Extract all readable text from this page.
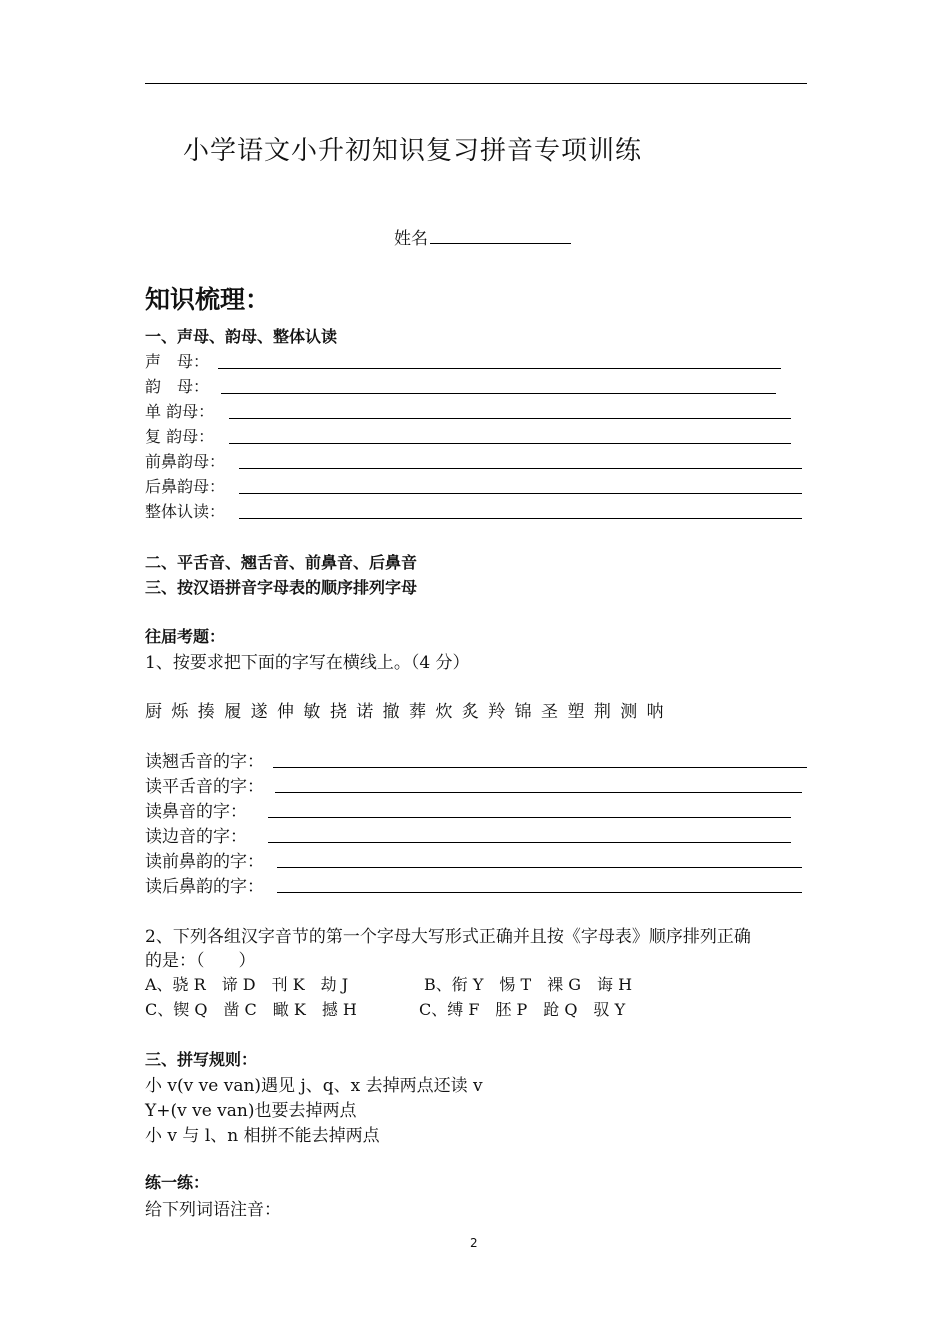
小学语文小升初知识复习拼音专项训练
姓名
知识梳理：
一、声母、韵母、整体认读
声　母：
韵　母：
单 韵母：
复 韵母：
前鼻韵母：
后鼻韵母：
整体认读：
二、平舌音、翘舌音、前鼻音、后鼻音
三、按汉语拼音字母表的顺序排列字母
往届考题：
1、按要求把下面的字写在横线上。（4 分）
厨 烁 揍 履 遂 伸 敏 挠 诺 撤 葬 炊 炙 羚 锦 圣 塑 荆 测 呐
读翘舌音的字：
读平舌音的字：
读鼻音的字：
读边音的字：
读前鼻韵的字：
读后鼻韵的字：
2、下列各组汉字音节的第一个字母大写形式正确并且按《字母表》顺序排列正确
的是：（　　）
A、骁 R　谛 D　刊 K　劫 J	B、衔 Y　惕 T　裸 G　诲 H
C、锲 Q　凿 C　瞰 K　撼 H	C、缚 F　胚 P　跄 Q　驭 Y
三、拼写规则：
小 v(v ve van)遇见 j、q、x 去掉两点还读 v
Y+(v ve van)也要去掉两点
小 v 与 l、n 相拼不能去掉两点
练一练：
给下列词语注音：
2
